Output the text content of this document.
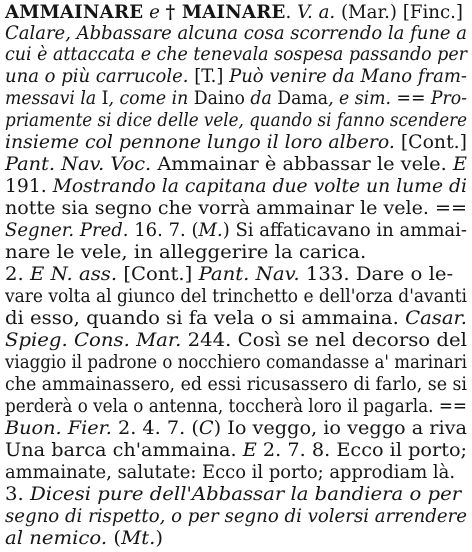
AMMAINARE e † MAINARE. V. a. (Mar.) [Finc.]
Calare, Abbassare alcuna cosa scorrendo la fune a
cui è attaccata e che tenevala sospesa passando per
una o più carrucole. [T.] Può venire da Mano fram-
messavi la I, come in Daino da Dama, e sim. == Pro-
priamente si dice delle vele, quando si fanno scendere
insieme col pennone lungo il loro albero. [Cont.]
Pant. Nav. Voc. Ammainar è abbassar le vele. E
191. Mostrando la capitana due volte un lume di
notte sia segno che vorrà ammainar le vele. ==
Segner. Pred. 16. 7. (M.) Si affaticavano in ammai-
nare le vele, in alleggerire la carica.
2. E N. ass. [Cont.] Pant. Nav. 133. Dare o le-
vare volta al giunco del trinchetto e dell'orza d'avanti
di esso, quando si fa vela o si ammaina. Casar.
Spieg. Cons. Mar. 244. Così se nel decorso del
viaggio il padrone o nocchiero comandasse a' marinari
che ammainassero, ed essi ricusassero di farlo, se si
perderà o vela o antenna, toccherà loro il pagarla. ==
Buon. Fier. 2. 4. 7. (C) Io veggo, io veggo a riva
Una barca ch'ammaina. E 2. 7. 8. Ecco il porto;
ammainate, salutate: Ecco il porto; approdiam là.
3. Dicesi pure dell'Abbassar la bandiera o per
segno di rispetto, o per segno di volersi arrendere
al nemico. (Mt.)
